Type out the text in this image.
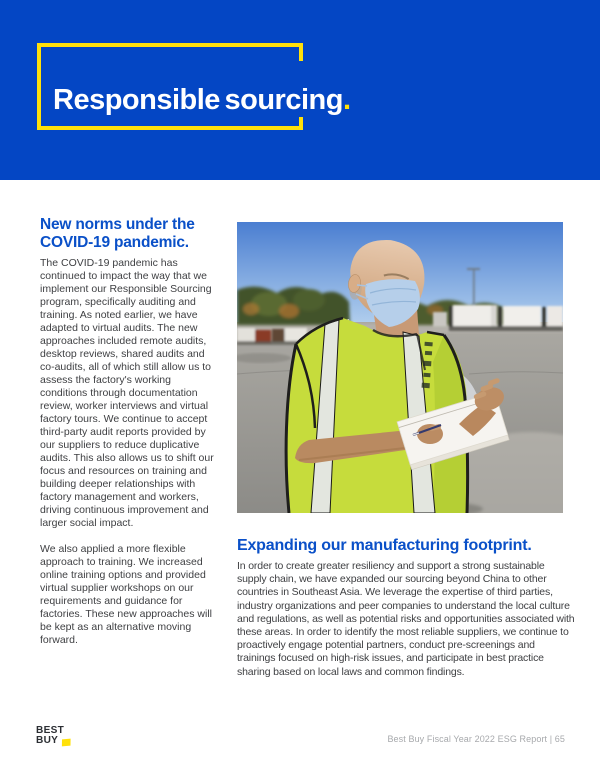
Responsible sourcing.
New norms under the COVID-19 pandemic.

The COVID-19 pandemic has continued to impact the way that we implement our Responsible Sourcing program, specifically auditing and training. As noted earlier, we have adapted to virtual audits. The new approaches included remote audits, desktop reviews, shared audits and co-audits, all of which still allow us to assess the factory's working conditions through documentation review, worker interviews and virtual factory tours. We continue to accept third-party audit reports provided by our suppliers to reduce duplicative audits. This also allows us to shift our focus and resources on training and building deeper relationships with factory management and workers, driving continuous improvement and larger social impact.

We also applied a more flexible approach to training. We increased online training options and provided virtual supplier workshops on our requirements and guidance for factories. These new approaches will be kept as an alternative moving forward.

Expanding our manufacturing footprint.

In order to create greater resiliency and support a strong sustainable supply chain, we have expanded our sourcing beyond China to other countries in Southeast Asia. We leverage the expertise of third parties, industry organizations and peer companies to understand the local culture and regulations, as well as potential risks and opportunities associated with these areas. In order to identify the most reliable suppliers, we continue to proactively engage potential partners, conduct pre-screenings and trainings focused on high-risk issues, and participate in best practice sharing based on local laws and common findings.

BEST
BUY	Best Buy Fiscal Year 2022 ESG Report | 65
